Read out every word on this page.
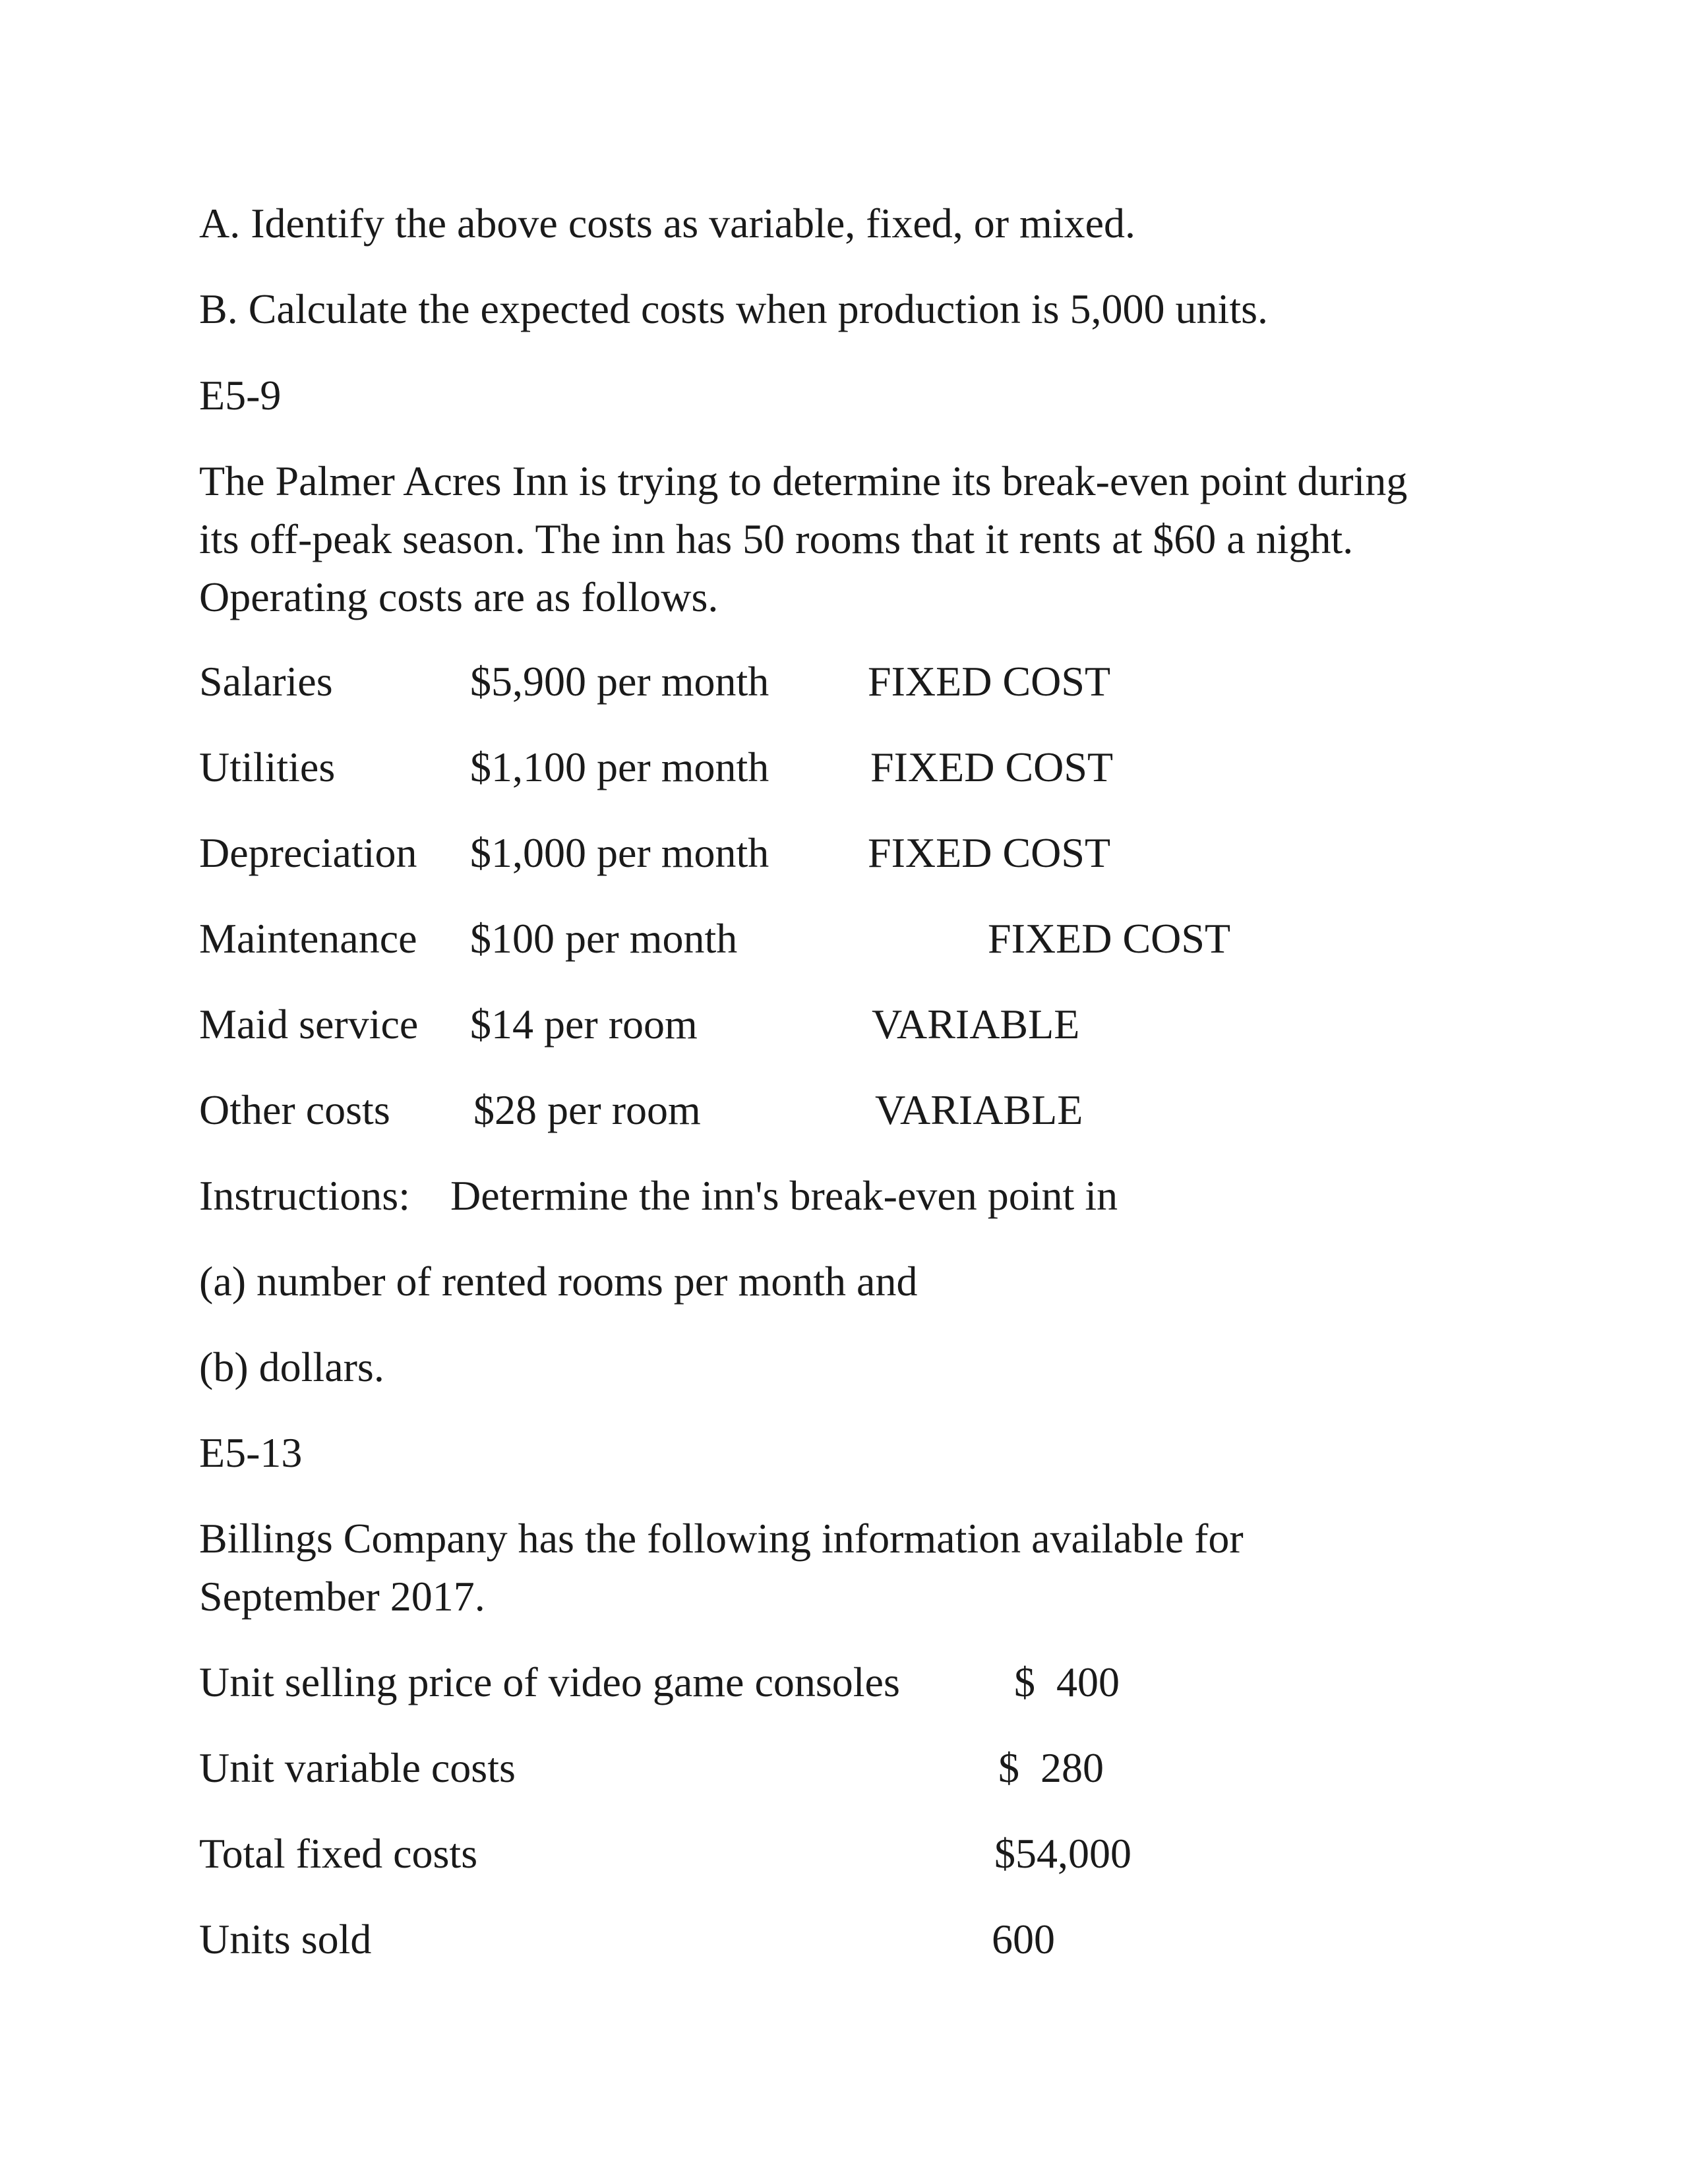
A. Identify the above costs as variable, fixed, or mixed.
B. Calculate the expected costs when production is 5,000 units.
E5-9
The Palmer Acres Inn is trying to determine its break-even point during
its off-peak season. The inn has 50 rooms that it rents at $60 a night.
Operating costs are as follows.
Salaries	$5,900 per month FIXED COST
Utilities	$1,100 per month FIXED COST
Depreciation $1,000 per month FIXED COST
Maintenance $100 per month	FIXED COST
Maid service $14 per room	VARIABLE
Other costs $28 per room	VARIABLE
Instructions: Determine the inn's break-even point in
(a) number of rented rooms per month and
(b) dollars.
E5-13
Billings Company has the following information available for
September 2017.
Unit selling price of video game consoles	$  400
Unit variable costs	$  280
Total fixed costs	$54,000
Units sold	600
